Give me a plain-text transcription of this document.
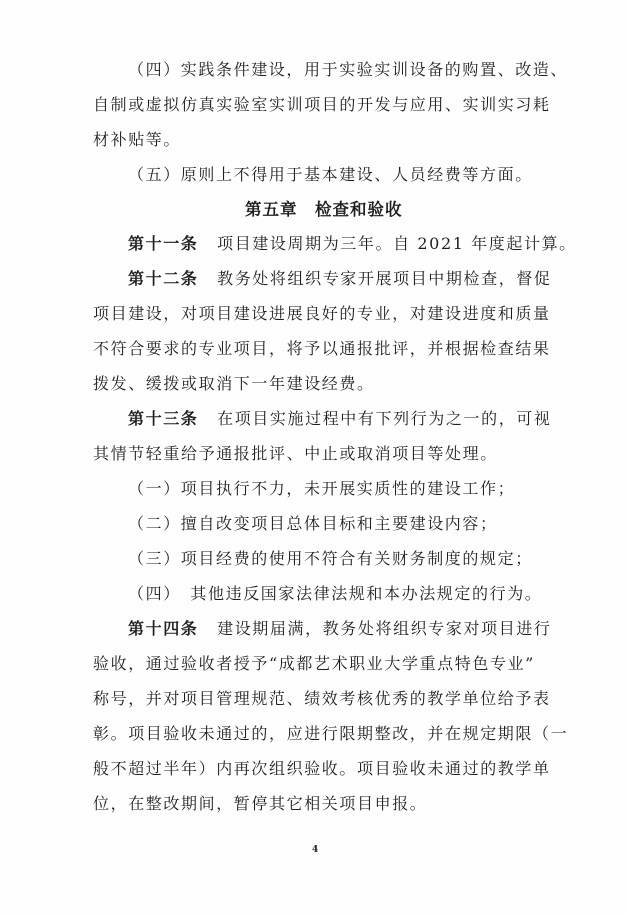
（四）实践条件建设，用于实验实训设备的购置、改造、
自制或虚拟仿真实验室实训项目的开发与应用、实训实习耗
材补贴等。
（五）原则上不得用于基本建设、人员经费等方面。
第五章　检查和验收
第十一条 项目建设周期为三年。自 2021 年度起计算。
第十二条 教务处将组织专家开展项目中期检查，督促
项目建设，对项目建设进展良好的专业，对建设进度和质量
不符合要求的专业项目，将予以通报批评，并根据检查结果
拨发、缓拨或取消下一年建设经费。
第十三条 在项目实施过程中有下列行为之一的，可视
其情节轻重给予通报批评、中止或取消项目等处理。
（一）项目执行不力，未开展实质性的建设工作；
（二）擅自改变项目总体目标和主要建设内容；
（三）项目经费的使用不符合有关财务制度的规定；
（四）　其他违反国家法律法规和本办法规定的行为。
第十四条 建设期届满，教务处将组织专家对项目进行
验收，通过验收者授予“成都艺术职业大学重点特色专业”
称号，并对项目管理规范、绩效考核优秀的教学单位给予表
彰。项目验收未通过的，应进行限期整改，并在规定期限（一
般不超过半年）内再次组织验收。项目验收未通过的教学单
位，在整改期间，暂停其它相关项目申报。
4
